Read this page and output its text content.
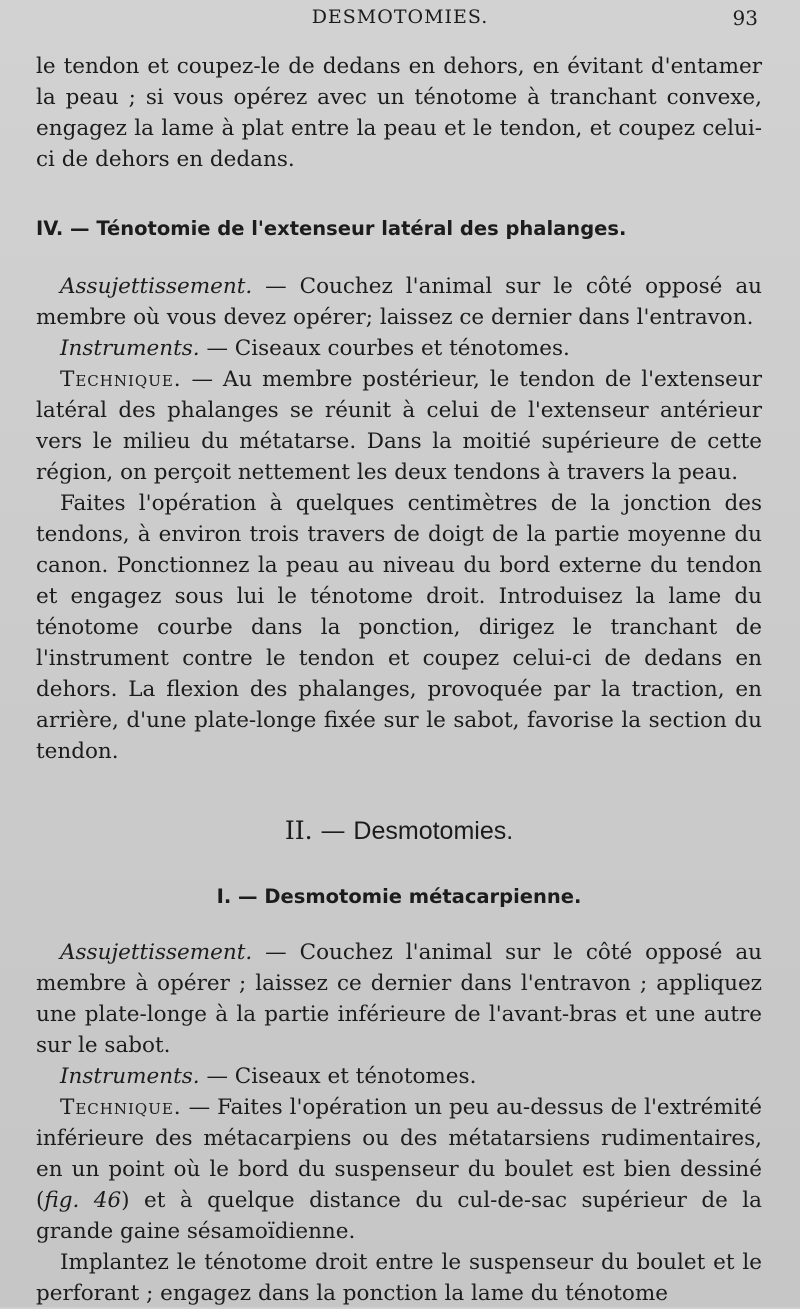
DESMOTOMIES.	93

le tendon et coupez-le de dedans en dehors, en évitant d'entamer la peau ; si vous opérez avec un ténotome à tranchant convexe, engagez la lame à plat entre la peau et le tendon, et coupez celui-ci de dehors en dedans.

IV. — Ténotomie de l'extenseur latéral des phalanges.

Assujettissement. — Couchez l'animal sur le côté opposé au membre où vous devez opérer; laissez ce dernier dans l'entravon.

Instruments. — Ciseaux courbes et ténotomes.

Technique. — Au membre postérieur, le tendon de l'extenseur latéral des phalanges se réunit à celui de l'extenseur antérieur vers le milieu du métatarse. Dans la moitié supérieure de cette région, on perçoit nettement les deux tendons à travers la peau.

Faites l'opération à quelques centimètres de la jonction des tendons, à environ trois travers de doigt de la partie moyenne du canon. Ponctionnez la peau au niveau du bord externe du tendon et engagez sous lui le ténotome droit. Introduisez la lame du ténotome courbe dans la ponction, dirigez le tranchant de l'instrument contre le tendon et coupez celui-ci de dedans en dehors. La flexion des phalanges, provoquée par la traction, en arrière, d'une plate-longe fixée sur le sabot, favorise la section du tendon.

II. — Desmotomies.

I. — Desmotomie métacarpienne.

Assujettissement. — Couchez l'animal sur le côté opposé au membre à opérer ; laissez ce dernier dans l'entravon ; appliquez une plate-longe à la partie inférieure de l'avant-bras et une autre sur le sabot.

Instruments. — Ciseaux et ténotomes.

Technique. — Faites l'opération un peu au-dessus de l'extrémité inférieure des métacarpiens ou des métatarsiens rudimentaires, en un point où le bord du suspenseur du boulet est bien dessiné (fig. 46) et à quelque distance du cul-de-sac supérieur de la grande gaine sésamoïdienne.

Implantez le ténotome droit entre le suspenseur du boulet et le perforant ; engagez dans la ponction la lame du ténotome
